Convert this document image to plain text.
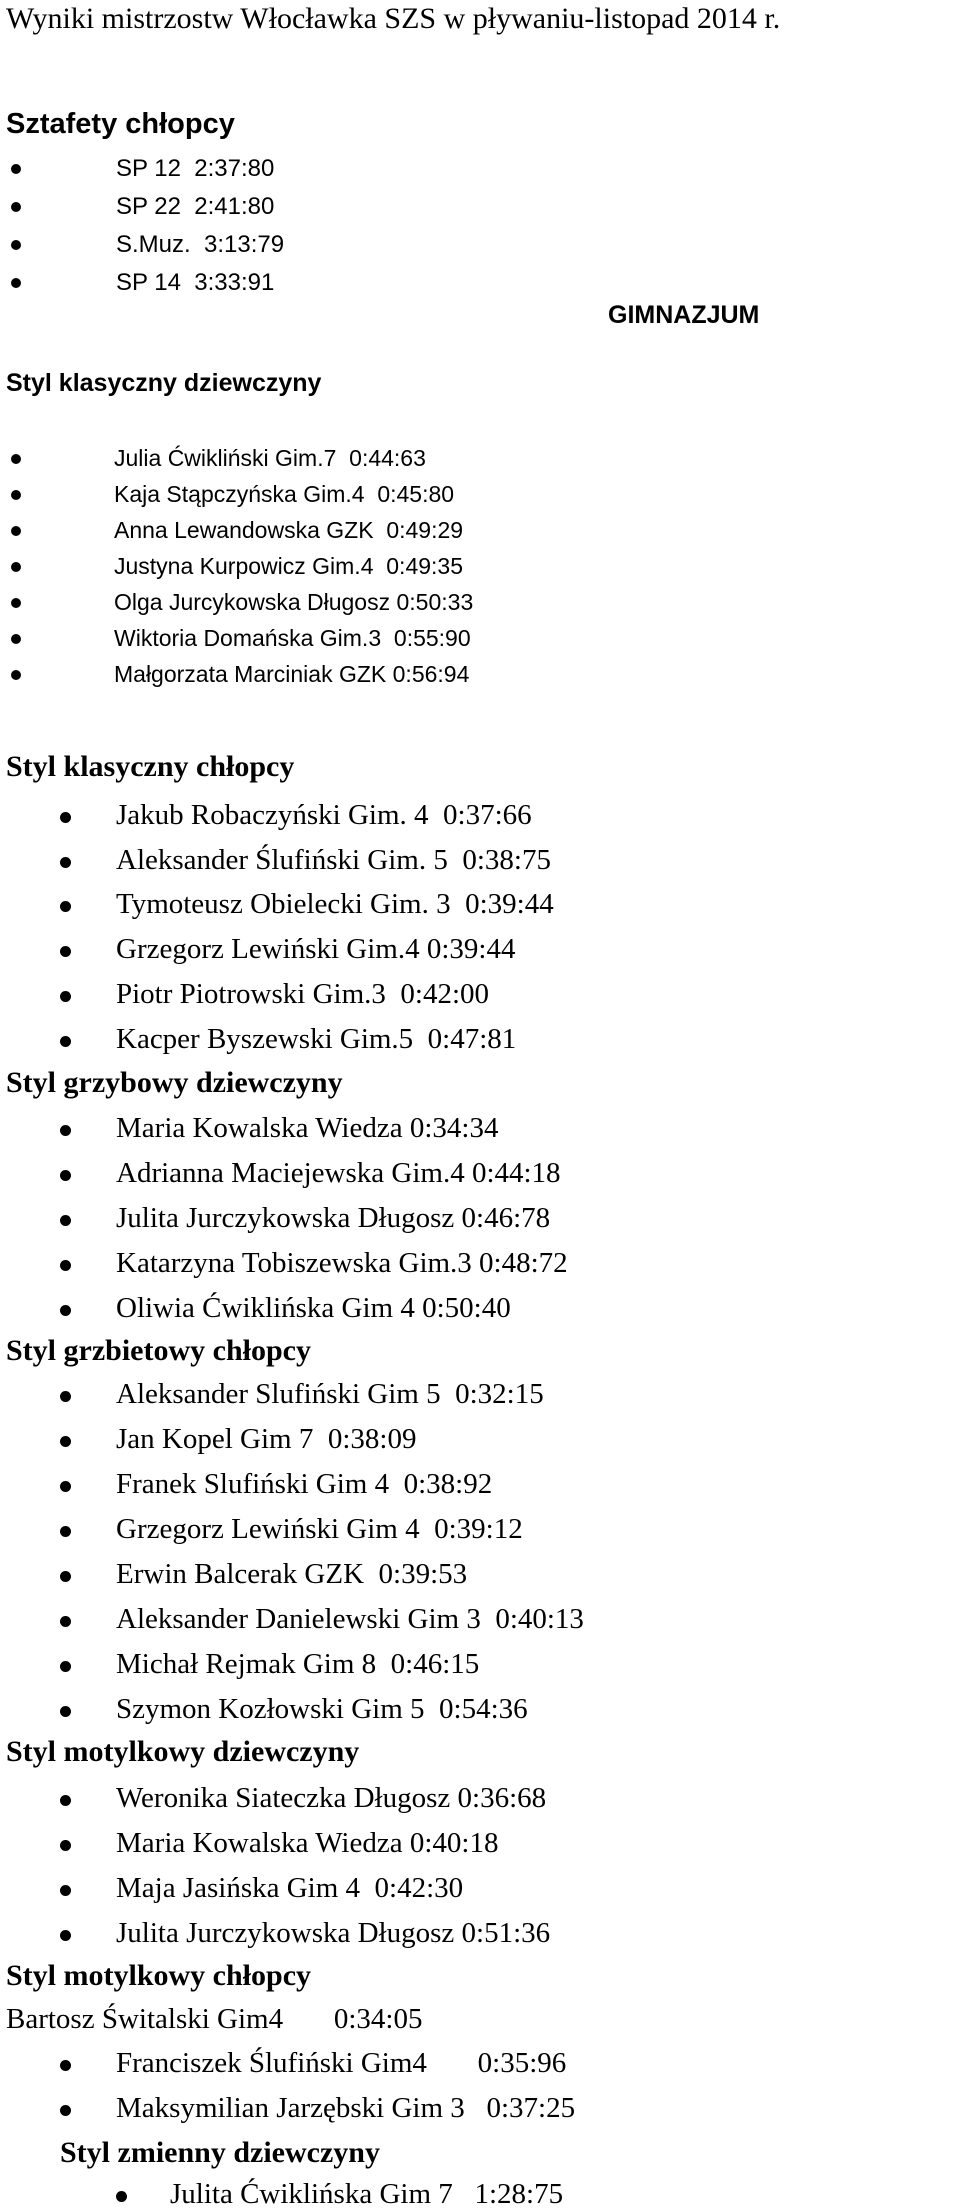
Wyniki mistrzostw Włocławka SZS w pływaniu-listopad 2014 r.
Sztafety chłopcy
SP 12  2:37:80
SP 22  2:41:80
S.Muz.  3:13:79
SP 14  3:33:91
GIMNAZJUM
Styl klasyczny dziewczyny
Julia Ćwikliński Gim.7  0:44:63
Kaja Stąpczyńska Gim.4  0:45:80
Anna Lewandowska GZK  0:49:29
Justyna Kurpowicz Gim.4  0:49:35
Olga Jurcykowska Długosz 0:50:33
Wiktoria Domańska Gim.3  0:55:90
Małgorzata Marciniak GZK 0:56:94
Styl klasyczny chłopcy
Jakub Robaczyński Gim. 4  0:37:66
Aleksander Ślufiński Gim. 5  0:38:75
Tymoteusz Obielecki Gim. 3  0:39:44
Grzegorz Lewiński Gim.4 0:39:44
Piotr Piotrowski Gim.3  0:42:00
Kacper Byszewski Gim.5  0:47:81
Styl grzybowy dziewczyny
Maria Kowalska Wiedza 0:34:34
Adrianna Maciejewska Gim.4 0:44:18
Julita Jurczykowska Długosz 0:46:78
Katarzyna Tobiszewska Gim.3 0:48:72
Oliwia Ćwiklińska Gim 4 0:50:40
Styl grzbietowy chłopcy
Aleksander Slufiński Gim 5  0:32:15
Jan Kopel Gim 7  0:38:09
Franek Slufiński Gim 4  0:38:92
Grzegorz Lewiński Gim 4  0:39:12
Erwin Balcerak GZK  0:39:53
Aleksander Danielewski Gim 3  0:40:13
Michał Rejmak Gim 8  0:46:15
Szymon Kozłowski Gim 5  0:54:36
Styl motylkowy dziewczyny
Weronika Siateczka Długosz 0:36:68
Maria Kowalska Wiedza 0:40:18
Maja Jasińska Gim 4  0:42:30
Julita Jurczykowska Długosz 0:51:36
Styl motylkowy chłopcy
Bartosz Świtalski Gim4       0:34:05
Franciszek Ślufiński Gim4       0:35:96
Maksymilian Jarzębski Gim 3   0:37:25
Styl zmienny dziewczyny
Julita Ćwiklińska Gim 7   1:28:75
